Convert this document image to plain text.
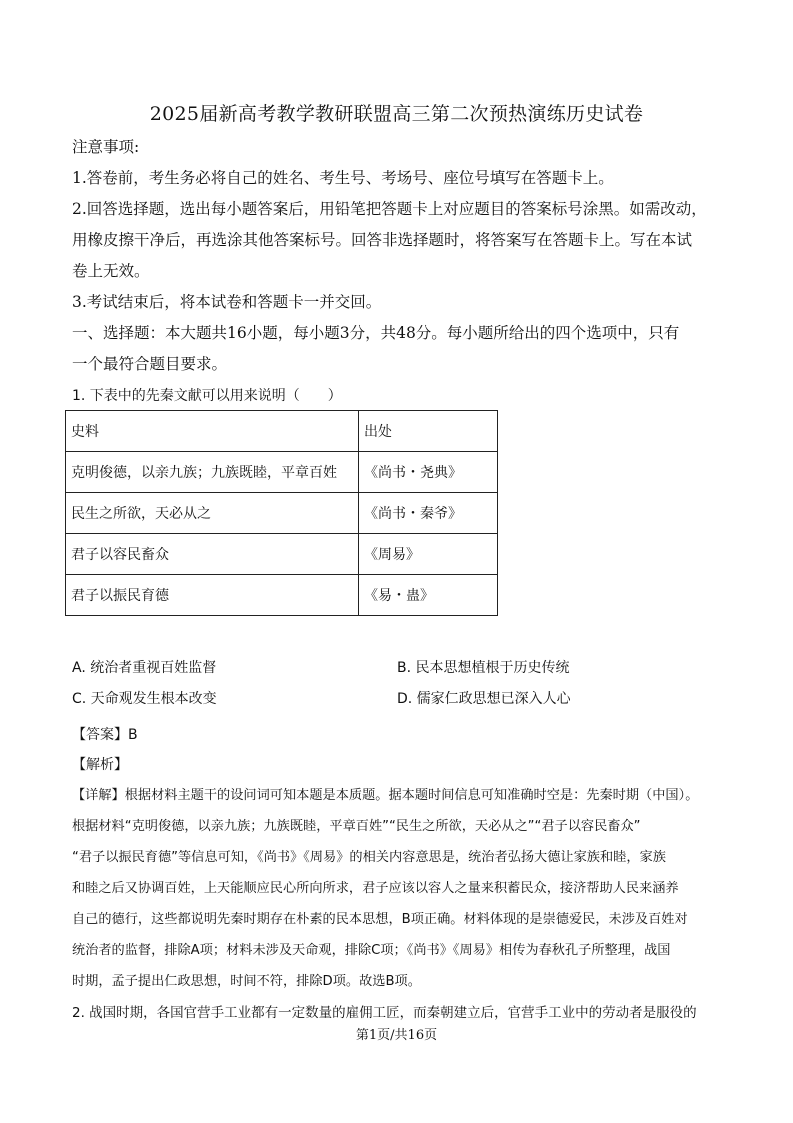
2025届新高考教学教研联盟高三第二次预热演练历史试卷

注意事项:

1.答卷前，考生务必将自己的姓名、考生号、考场号、座位号填写在答题卡上。

2.回答选择题，选出每小题答案后，用铅笔把答题卡上对应题目的答案标号涂黑。如需改动，

用橡皮擦干净后，再选涂其他答案标号。回答非选择题时，将答案写在答题卡上。写在本试

卷上无效。

3.考试结束后，将本试卷和答题卡一并交回。

一、选择题：本大题共16小题，每小题3分，共48分。每小题所给出的四个选项中，只有

一个最符合题目要求。

1. 下表中的先秦文献可以用来说明（　　）
史料	出处
克明俊德，以亲九族；九族既睦，平章百姓	《尚书・尧典》
民生之所欲，天必从之	《尚书・秦爷》
君子以容民畜众	《周易》
君子以振民育德	《易・蛊》
A. 统治者重视百姓监督	B. 民本思想植根于历史传统
C. 天命观发生根本改变	D. 儒家仁政思想已深入人心

【答案】B

【解析】

【详解】根据材料主题干的设问词可知本题是本质题。据本题时间信息可知准确时空是：先秦时期（中国）。

根据材料“克明俊德，以亲九族；九族既睦，平章百姓”“民生之所欲，天必从之”“君子以容民畜众”

“君子以振民育德”等信息可知，《尚书》《周易》的相关内容意思是，统治者弘扬大德让家族和睦，家族

和睦之后又协调百姓，上天能顺应民心所向所求，君子应该以容人之量来积蓄民众，接济帮助人民来涵养

自己的德行，这些都说明先秦时期存在朴素的民本思想，B项正确。材料体现的是崇德爱民，未涉及百姓对

统治者的监督，排除A项；材料未涉及天命观，排除C项；《尚书》《周易》相传为春秋孔子所整理，战国

时期，孟子提出仁政思想，时间不符，排除D项。故选B项。

2. 战国时期，各国官营手工业都有一定数量的雇佣工匠，而秦朝建立后，官营手工业中的劳动者是服役的
第1页/共16页
